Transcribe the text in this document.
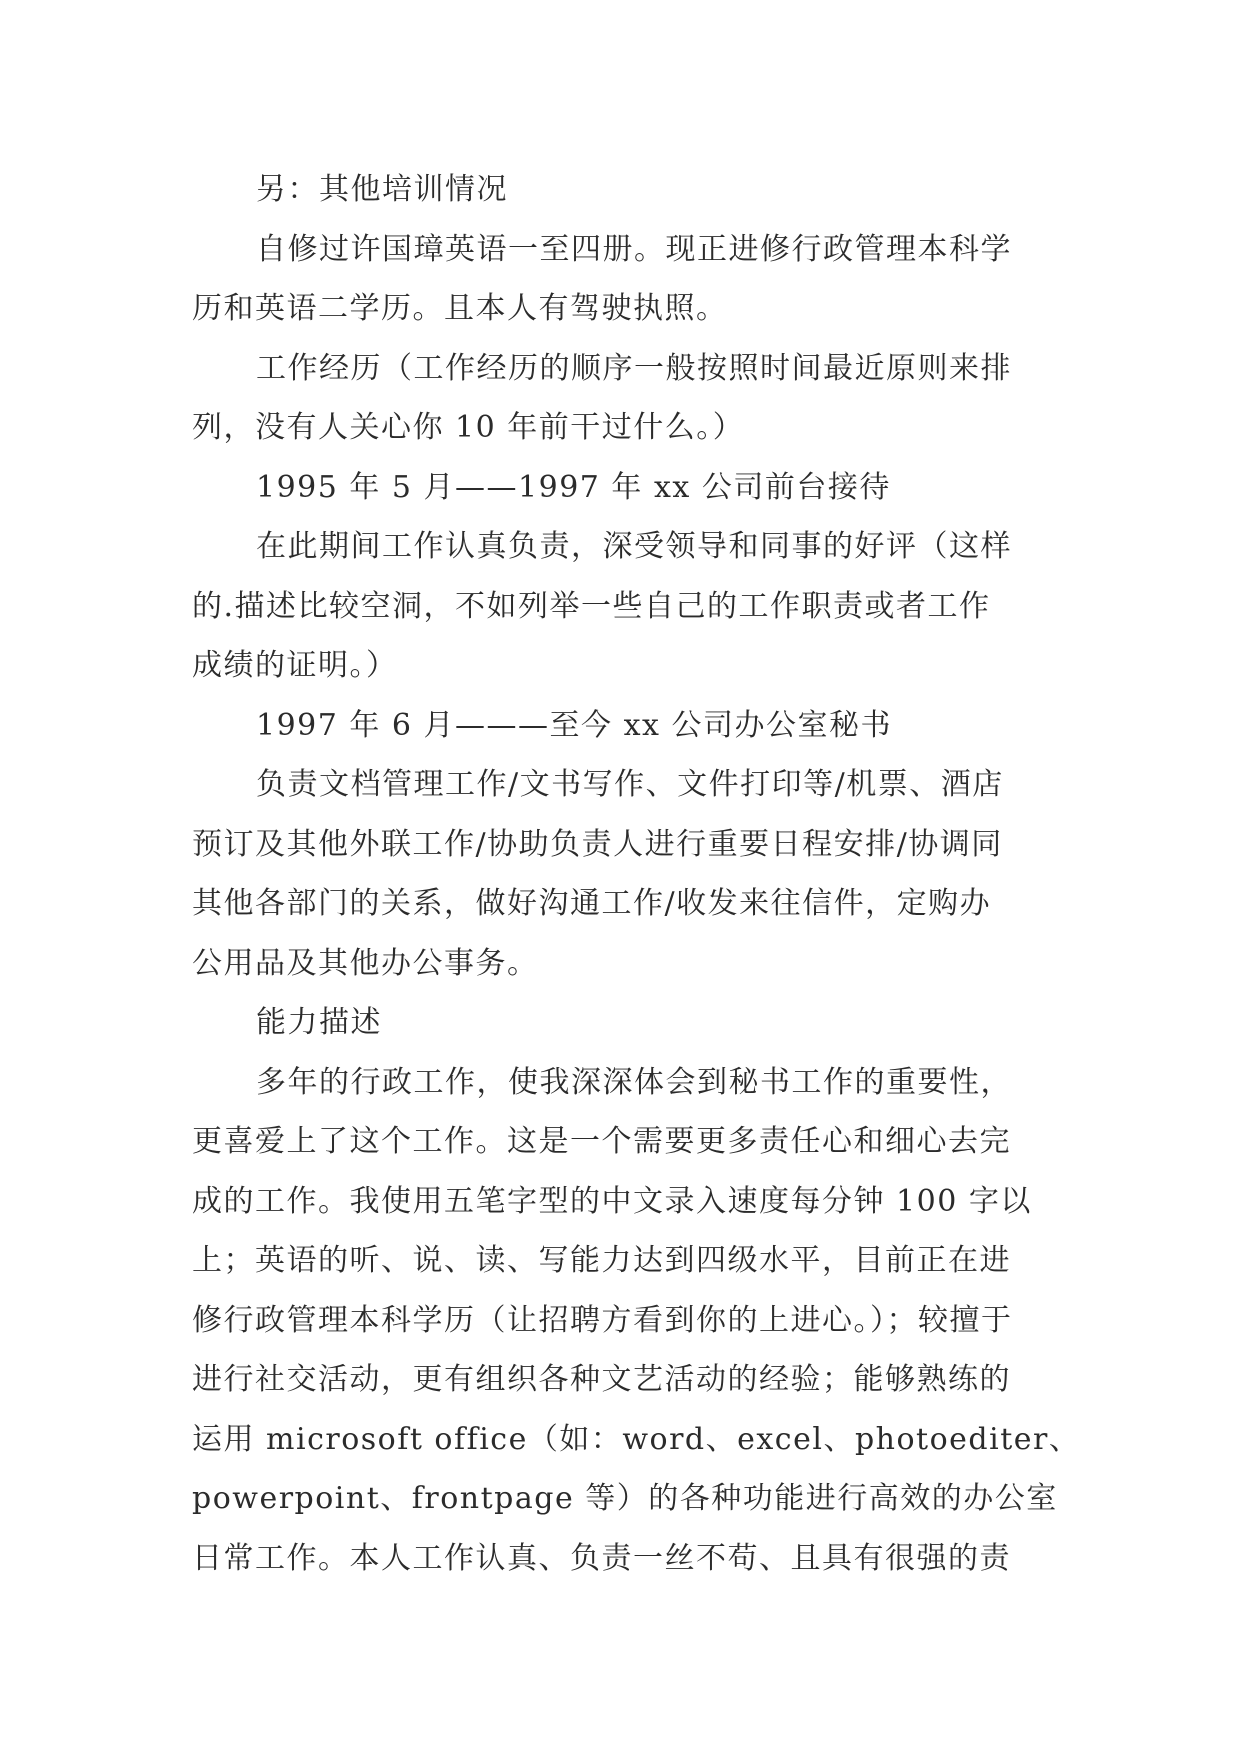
另：其他培训情况
自修过许国璋英语一至四册。现正进修行政管理本科学
历和英语二学历。且本人有驾驶执照。
工作经历（工作经历的顺序一般按照时间最近原则来排
列，没有人关心你 10 年前干过什么。）
1995 年 5 月——1997 年 xx 公司前台接待
在此期间工作认真负责，深受领导和同事的好评（这样
的.描述比较空洞，不如列举一些自己的工作职责或者工作
成绩的证明。）
1997 年 6 月———至今 xx 公司办公室秘书
负责文档管理工作/文书写作、文件打印等/机票、酒店
预订及其他外联工作/协助负责人进行重要日程安排/协调同
其他各部门的关系，做好沟通工作/收发来往信件，定购办
公用品及其他办公事务。
能力描述
多年的行政工作，使我深深体会到秘书工作的重要性，
更喜爱上了这个工作。这是一个需要更多责任心和细心去完
成的工作。我使用五笔字型的中文录入速度每分钟 100 字以
上；英语的听、说、读、写能力达到四级水平，目前正在进
修行政管理本科学历（让招聘方看到你的上进心。）；较擅于
进行社交活动，更有组织各种文艺活动的经验；能够熟练的
运用 microsoft office（如：word、excel、photoediter、
powerpoint、frontpage 等）的各种功能进行高效的办公室
日常工作。本人工作认真、负责一丝不苟、且具有很强的责
